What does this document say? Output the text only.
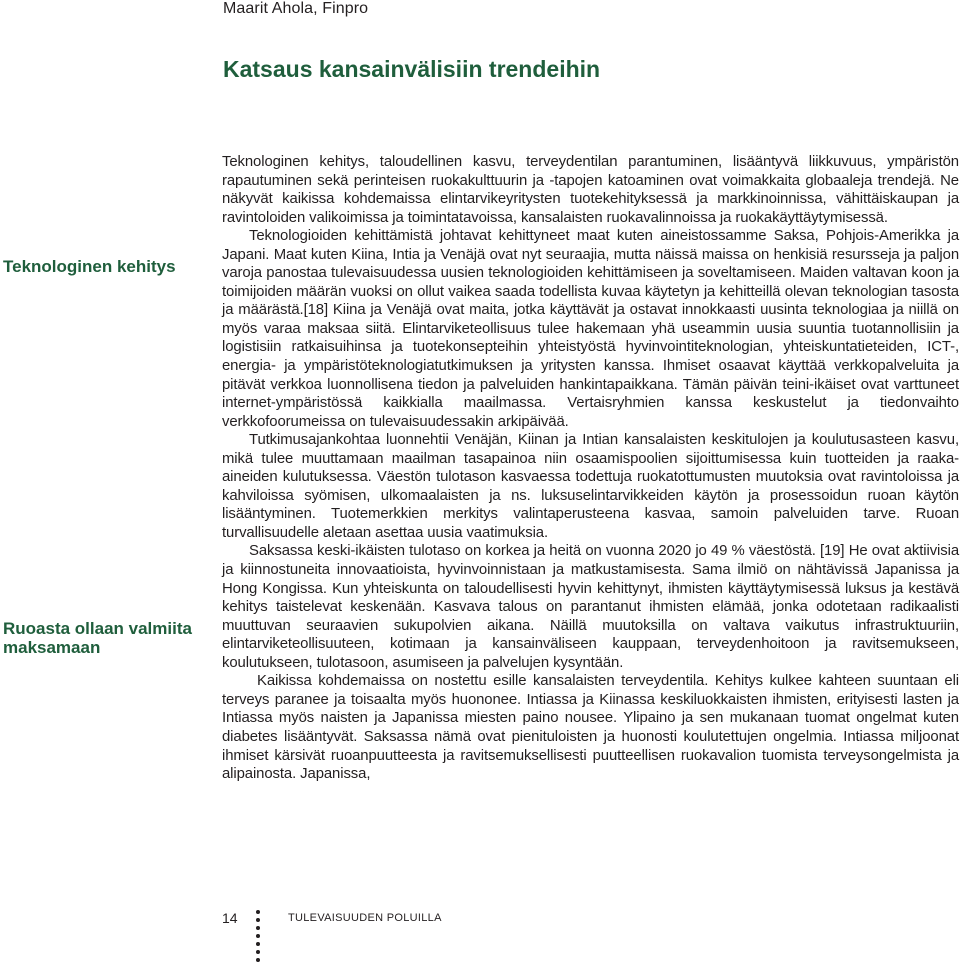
Maarit Ahola, Finpro
Katsaus kansainvälisiin trendeihin
Teknologinen kehitys
Ruoasta ollaan valmiita maksamaan

Teknologinen kehitys, taloudellinen kasvu, terveydentilan parantuminen, lisääntyvä liikkuvuus, ympäristön rapautuminen sekä perinteisen ruokakulttuurin ja -tapojen katoaminen ovat voimakkaita globaaleja trendejä. Ne näkyvät kaikissa kohdemaissa elintarvikeyritysten tuotekehityksessä ja markkinoinnissa, vähittäiskaupan ja ravintoloiden valikoimissa ja toimintatavoissa, kansalaisten ruokavalinnoissa ja ruokakäyttäytymisessä.

Teknologioiden kehittämistä johtavat kehittyneet maat kuten aineistossamme Saksa, Pohjois-Amerikka ja Japani. Maat kuten Kiina, Intia ja Venäjä ovat nyt seuraajia, mutta näissä maissa on henkisiä resursseja ja paljon varoja panostaa tulevaisuudessa uusien teknologioiden kehittämiseen ja soveltamiseen. Maiden valtavan koon ja toimijoiden määrän vuoksi on ollut vaikea saada todellista kuvaa käytetyn ja kehitteillä olevan teknologian tasosta ja määrästä.[18] Kiina ja Venäjä ovat maita, jotka käyttävät ja ostavat innokkaasti uusinta teknologiaa ja niillä on myös varaa maksaa siitä. Elintarviketeollisuus tulee hakemaan yhä useammin uusia suuntia tuotannollisiin ja logistisiin ratkaisuihinsa ja tuotekonsepteihin yhteistyöstä hyvinvointiteknologian, yhteiskuntatieteiden, ICT-, energia- ja ympäristöteknologiatutkimuksen ja yritysten kanssa. Ihmiset osaavat käyttää verkkopalveluita ja pitävät verkkoa luonnollisena tiedon ja palveluiden hankintapaikkana. Tämän päivän teini-ikäiset ovat varttuneet internet-ympäristössä kaikkialla maailmassa. Vertaisryhmien kanssa keskustelut ja tiedonvaihto verkkofoorumeissa on tulevaisuudessakin arkipäivää.

Tutkimusajankohtaa luonnehtii Venäjän, Kiinan ja Intian kansalaisten keskitulojen ja koulutusasteen kasvu, mikä tulee muuttamaan maailman tasapainoa niin osaamispoolien sijoittumisessa kuin tuotteiden ja raaka-aineiden kulutuksessa. Väestön tulotason kasvaessa todettuja ruokatottumusten muutoksia ovat ravintoloissa ja kahviloissa syömisen, ulkomaalaisten ja ns. luksuselintarvikkeiden käytön ja prosessoidun ruoan käytön lisääntyminen. Tuotemerkkien merkitys valintaperusteena kasvaa, samoin palveluiden tarve. Ruoan turvallisuudelle aletaan asettaa uusia vaatimuksia.

Saksassa keski-ikäisten tulotaso on korkea ja heitä on vuonna 2020 jo 49 % väestöstä. [19] He ovat aktiivisia ja kiinnostuneita innovaatioista, hyvinvoinnistaan ja matkustamisesta. Sama ilmiö on nähtävissä Japanissa ja Hong Kongissa. Kun yhteiskunta on taloudellisesti hyvin kehittynyt, ihmisten käyttäytymisessä luksus ja kestävä kehitys taistelevat keskenään. Kasvava talous on parantanut ihmisten elämää, jonka odotetaan radikaalisti muuttuvan seuraavien sukupolvien aikana. Näillä muutoksilla on valtava vaikutus infrastruktuuriin, elintarviketeollisuuteen, kotimaan ja kansainväliseen kauppaan, terveydenhoitoon ja ravitsemukseen, koulutukseen, tulotasoon, asumiseen ja palvelujen kysyntään.

Kaikissa kohdemaissa on nostettu esille kansalaisten terveydentila. Kehitys kulkee kahteen suuntaan eli terveys paranee ja toisaalta myös huononee. Intiassa ja Kiinassa keskiluokkaisten ihmisten, erityisesti lasten ja Intiassa myös naisten ja Japanissa miesten paino nousee. Ylipaino ja sen mukanaan tuomat ongelmat kuten diabetes lisääntyvät. Saksassa nämä ovat pienituloisten ja huonosti koulutettujen ongelmia. Intiassa miljoonat ihmiset kärsivät ruoanpuutteesta ja ravitsemuksellisesti puutteellisen ruokavalion tuomista terveysongelmista ja alipainosta. Japanissa,

14	TULEVAISUUDEN POLUILLA
